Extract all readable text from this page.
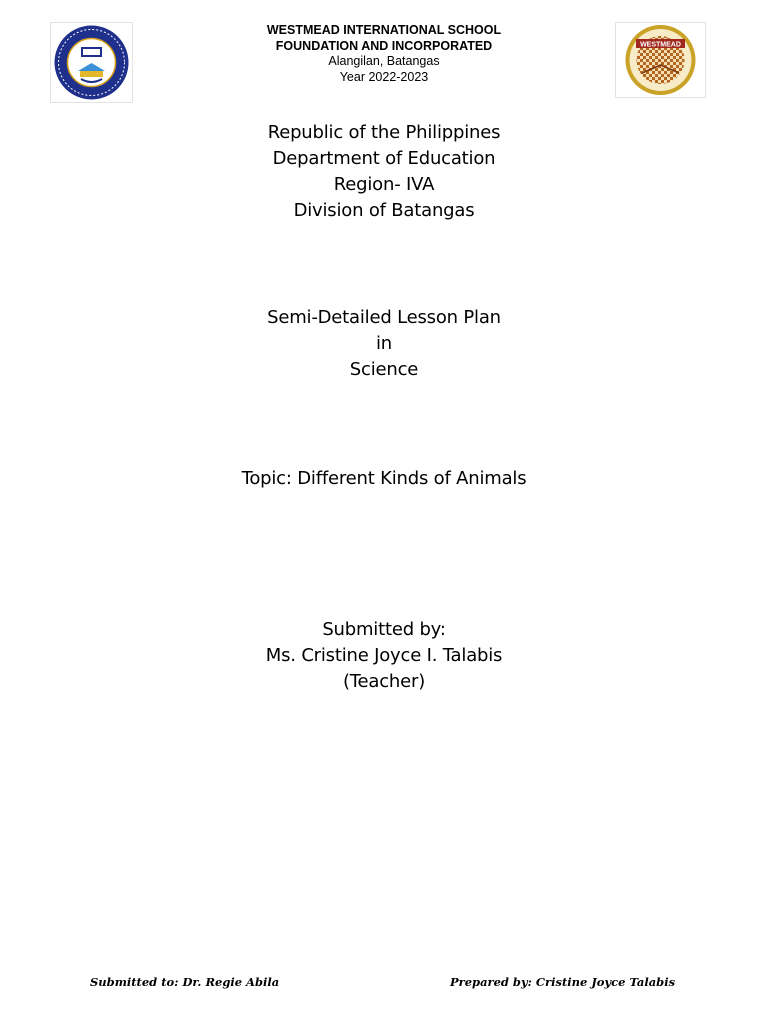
WESTMEAD
WESTMEAD INTERNATIONAL SCHOOL
FOUNDATION AND INCORPORATED
Alangilan, Batangas
Year 2022-2023
Republic of the Philippines
Department of Education
Region- IVA
Division of Batangas
Semi-Detailed Lesson Plan
in
Science
Topic: Different Kinds of Animals
Submitted by:
Ms. Cristine Joyce I. Talabis
(Teacher)
Submitted to: Dr. Regie Abila	Prepared by: Cristine Joyce Talabis
